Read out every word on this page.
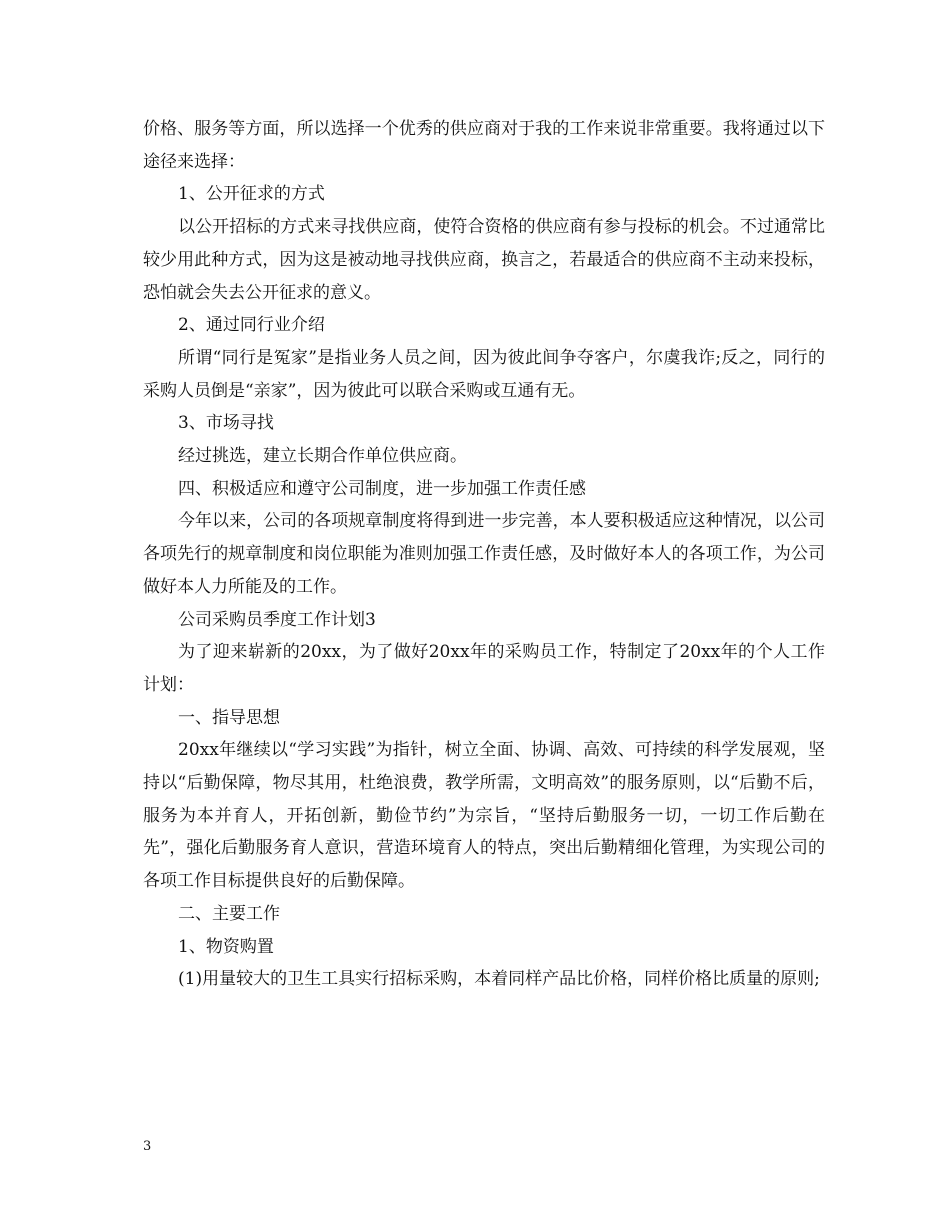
价格、服务等方面，所以选择一个优秀的供应商对于我的工作来说非常重要。我将通过以下途径来选择：

1、公开征求的方式

以公开招标的方式来寻找供应商，使符合资格的供应商有参与投标的机会。不过通常比较少用此种方式，因为这是被动地寻找供应商，换言之，若最适合的供应商不主动来投标，恐怕就会失去公开征求的意义。

2、通过同行业介绍

所谓“同行是冤家”是指业务人员之间，因为彼此间争夺客户，尔虞我诈;反之，同行的采购人员倒是“亲家”，因为彼此可以联合采购或互通有无。

3、市场寻找

经过挑选，建立长期合作单位供应商。

四、积极适应和遵守公司制度，进一步加强工作责任感

今年以来，公司的各项规章制度将得到进一步完善，本人要积极适应这种情况，以公司各项先行的规章制度和岗位职能为准则加强工作责任感，及时做好本人的各项工作，为公司做好本人力所能及的工作。

公司采购员季度工作计划3

为了迎来崭新的20xx，为了做好20xx年的采购员工作，特制定了20xx年的个人工作计划：

一、指导思想

20xx年继续以“学习实践”为指针，树立全面、协调、高效、可持续的科学发展观，坚持以“后勤保障，物尽其用，杜绝浪费，教学所需，文明高效”的服务原则，以“后勤不后，服务为本并育人，开拓创新，勤俭节约”为宗旨，“坚持后勤服务一切，一切工作后勤在先”，强化后勤服务育人意识，营造环境育人的特点，突出后勤精细化管理，为实现公司的各项工作目标提供良好的后勤保障。

二、主要工作

1、物资购置

(1)用量较大的卫生工具实行招标采购，本着同样产品比价格，同样价格比质量的原则;

3
